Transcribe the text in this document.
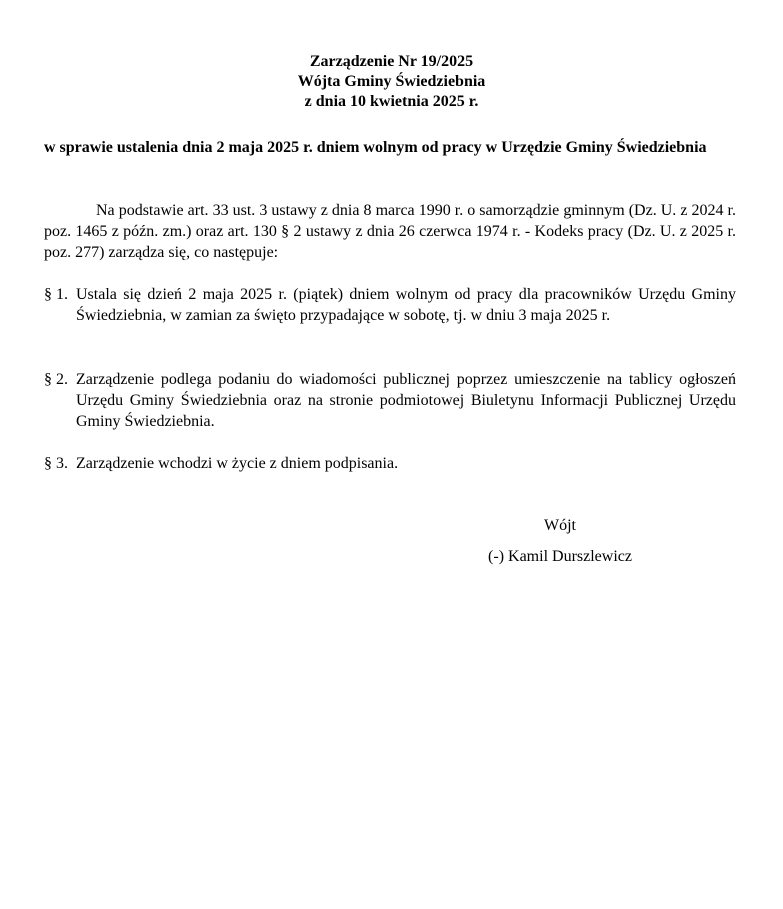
Zarządzenie Nr 19/2025
Wójta Gminy Świedziebnia
z dnia 10 kwietnia 2025 r.
w sprawie ustalenia dnia 2 maja 2025 r. dniem wolnym od pracy w Urzędzie Gminy Świedziebnia
Na podstawie art. 33 ust. 3 ustawy z dnia 8 marca 1990 r. o samorządzie gminnym (Dz. U. z 2024 r. poz. 1465 z późn. zm.) oraz art. 130 § 2 ustawy z dnia 26 czerwca 1974 r. - Kodeks pracy (Dz. U. z 2025 r. poz. 277) zarządza się, co następuje:
§ 1. Ustala się dzień 2 maja 2025 r. (piątek) dniem wolnym od pracy dla pracowników Urzędu Gminy Świedziebnia, w zamian za święto przypadające w sobotę, tj. w dniu 3 maja 2025 r.
§ 2. Zarządzenie podlega podaniu do wiadomości publicznej poprzez umieszczenie na tablicy ogłoszeń Urzędu Gminy Świedziebnia oraz na stronie podmiotowej Biuletynu Informacji Publicznej Urzędu Gminy Świedziebnia.
§ 3. Zarządzenie wchodzi w życie z dniem podpisania.
Wójt
(-) Kamil Durszlewicz
